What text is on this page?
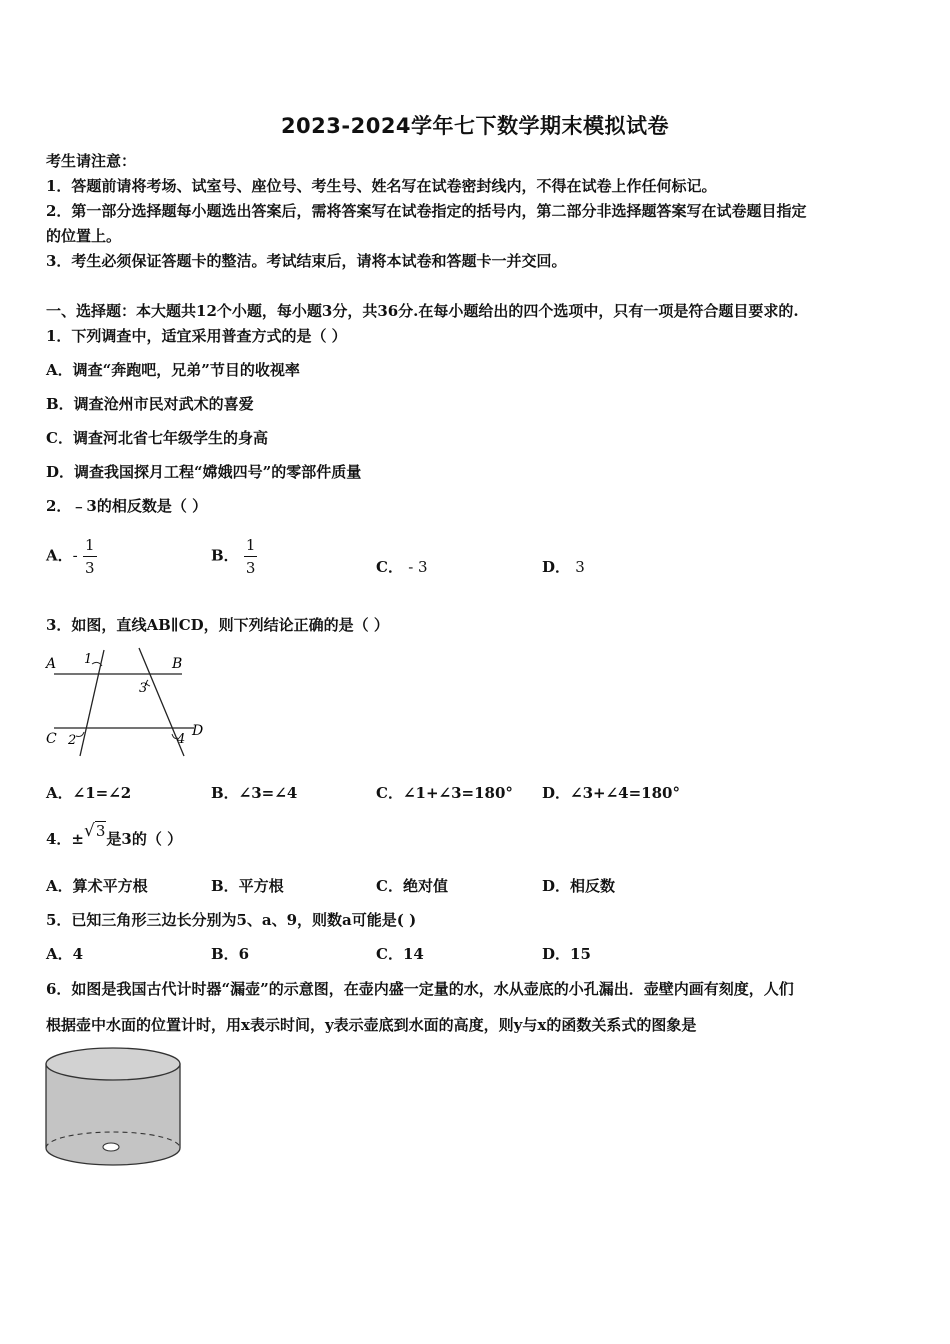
2023-2024学年七下数学期末模拟试卷
考生请注意：
1．答题前请将考场、试室号、座位号、考生号、姓名写在试卷密封线内，不得在试卷上作任何标记。
2．第一部分选择题每小题选出答案后，需将答案写在试卷指定的括号内，第二部分非选择题答案写在试卷题目指定
的位置上。
3．考生必须保证答题卡的整洁。考试结束后，请将本试卷和答题卡一并交回。
一、选择题：本大题共12个小题，每小题3分，共36分.在每小题给出的四个选项中，只有一项是符合题目要求的.
1．下列调查中，适宜采用普查方式的是（ ）
A．调查“奔跑吧，兄弟”节目的收视率
B．调查沧州市民对武术的喜爱
C．调查河北省七年级学生的身高
D．调查我国探月工程“嫦娥四号”的零部件质量
2．﹣3的相反数是（ ）
A．- $\frac{1}{3}$	B． $\frac{1}{3}$	C． - 3	D． 3
3．如图，直线AB∥CD，则下列结论正确的是（ ）
A	B
C	D
1
2
3
4
A．∠1=∠2	B．∠3=∠4	C．∠1+∠3=180° D．∠3+∠4=180°
4．±√3是3的（ ）
A．算术平方根	B．平方根	C．绝对值	D．相反数
5．已知三角形三边长分别为5、a、9，则数a可能是( )
A．4	B．6	C．14	D．15
6．如图是我国古代计时器“漏壶”的示意图，在壶内盛一定量的水，水从壶底的小孔漏出．壶壁内画有刻度，人们
根据壶中水面的位置计时，用x表示时间，y表示壶底到水面的高度，则y与x的函数关系式的图象是
